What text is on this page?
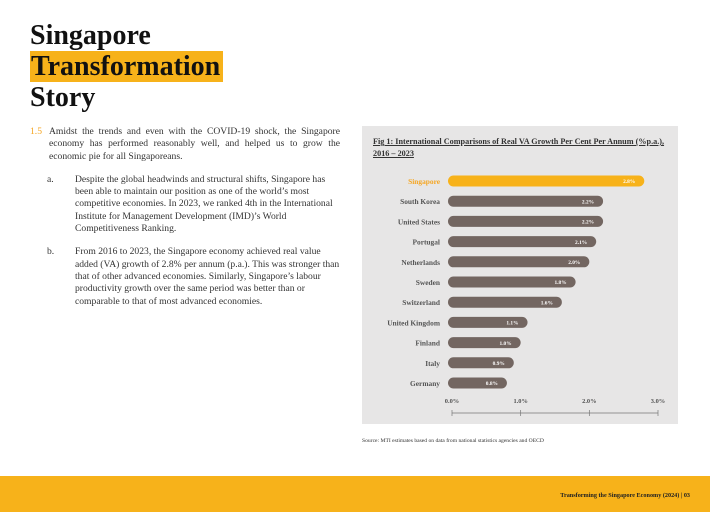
Singapore
Transformation
Story
1.5 Amidst the trends and even with the COVID-19 shock, the Singapore economy has performed reasonably well, and helped us to grow the economic pie for all Singaporeans.
a. Despite the global headwinds and structural shifts, Singapore has been able to maintain our position as one of the world’s most competitive economies. In 2023, we ranked 4th in the International Institute for Management Development (IMD)’s World Competitiveness Ranking.
b. From 2016 to 2023, the Singapore economy achieved real value added (VA) growth of 2.8% per annum (p.a.). This was stronger than that of other advanced economies. Similarly, Singapore’s labour productivity growth over the same period was better than or comparable to that of most advanced economies.
Fig 1: International Comparisons of Real VA Growth Per Cent Per Annum (%p.a.), 2016 – 2023
Singapore	2.8%
South Korea	2.2%
United States	2.2%
Portugal	2.1%
Netherlands	2.0%
Sweden	1.8%
Switzerland	1.6%
United Kingdom	1.1%
Finland	1.0%
Italy	0.9%
Germany	0.8%
0.0%	1.0%	2.0%	3.0%
Source: MTI estimates based on data from national statistics agencies and OECD
Transforming the Singapore Economy (2024) | 03
